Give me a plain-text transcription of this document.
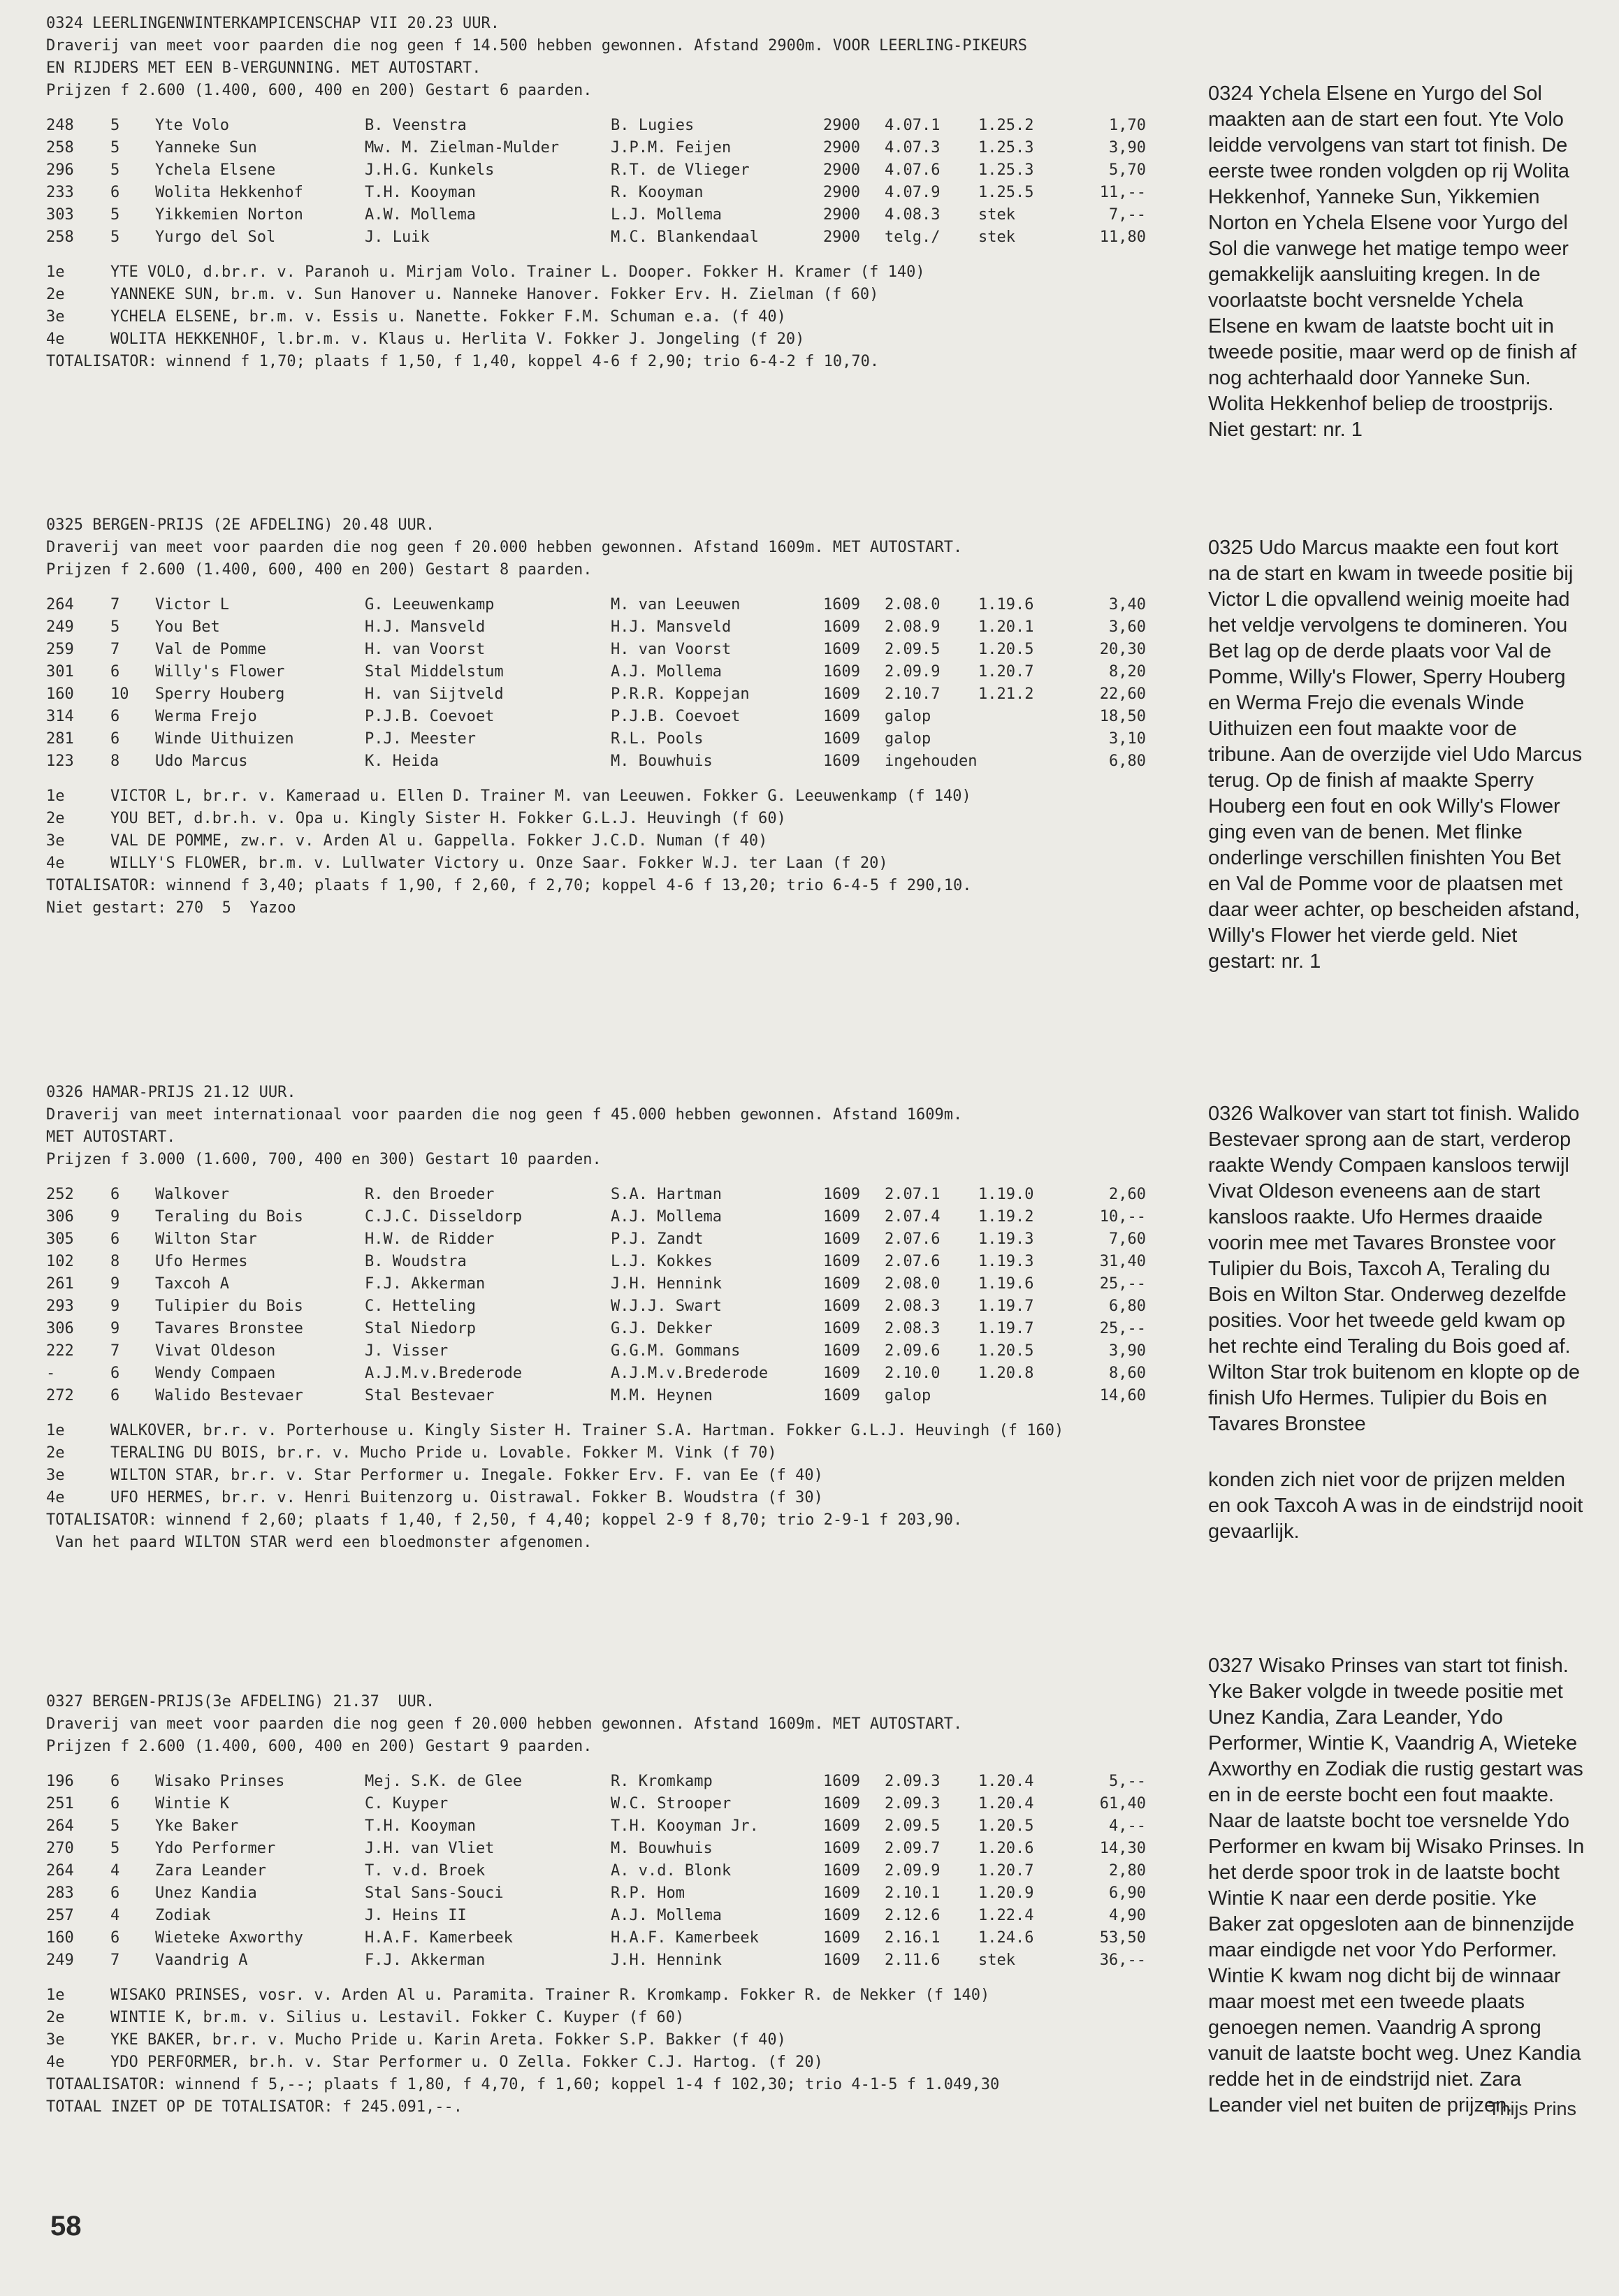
0324 LEERLINGENWINTERKAMPICENSCHAP VII 20.23 UUR.
Draverij van meet voor paarden die nog geen f 14.500 hebben gewonnen. Afstand 2900m. VOOR LEERLING-PIKEURS
EN RIJDERS MET EEN B-VERGUNNING. MET AUTOSTART.
Prijzen f 2.600 (1.400, 600, 400 en 200) Gestart 6 paarden.
248	5	Yte Volo	B. Veenstra	B. Lugies	2900	4.07.1	1.25.2	1,70
258	5	Yanneke Sun	Mw. M. Zielman-Mulder	J.P.M. Feijen	2900	4.07.3	1.25.3	3,90
296	5	Ychela Elsene	J.H.G. Kunkels	R.T. de Vlieger	2900	4.07.6	1.25.3	5,70
233	6	Wolita Hekkenhof	T.H. Kooyman	R. Kooyman	2900	4.07.9	1.25.5	11,--
303	5	Yikkemien Norton	A.W. Mollema	L.J. Mollema	2900	4.08.3	stek	7,--
258	5	Yurgo del Sol	J. Luik	M.C. Blankendaal	2900	telg./	stek	11,80
1e	YTE VOLO, d.br.r. v. Paranoh u. Mirjam Volo. Trainer L. Dooper. Fokker H. Kramer (f 140)
2e	YANNEKE SUN, br.m. v. Sun Hanover u. Nanneke Hanover. Fokker Erv. H. Zielman (f 60)
3e	YCHELA ELSENE, br.m. v. Essis u. Nanette. Fokker F.M. Schuman e.a. (f 40)
4e	WOLITA HEKKENHOF, l.br.m. v. Klaus u. Herlita V. Fokker J. Jongeling (f 20)
TOTALISATOR: winnend f 1,70; plaats f 1,50, f 1,40, koppel 4-6 f 2,90; trio 6-4-2 f 10,70.
0325 BERGEN-PRIJS (2E AFDELING) 20.48 UUR.
Draverij van meet voor paarden die nog geen f 20.000 hebben gewonnen. Afstand 1609m. MET AUTOSTART.
Prijzen f 2.600 (1.400, 600, 400 en 200) Gestart 8 paarden.
264	7	Victor L	G. Leeuwenkamp	M. van Leeuwen	1609	2.08.0	1.19.6	3,40
249	5	You Bet	H.J. Mansveld	H.J. Mansveld	1609	2.08.9	1.20.1	3,60
259	7	Val de Pomme	H. van Voorst	H. van Voorst	1609	2.09.5	1.20.5	20,30
301	6	Willy's Flower	Stal Middelstum	A.J. Mollema	1609	2.09.9	1.20.7	8,20
160	10	Sperry Houberg	H. van Sijtveld	P.R.R. Koppejan	1609	2.10.7	1.21.2	22,60
314	6	Werma Frejo	P.J.B. Coevoet	P.J.B. Coevoet	1609	galop		18,50
281	6	Winde Uithuizen	P.J. Meester	R.L. Pools	1609	galop		3,10
123	8	Udo Marcus	K. Heida	M. Bouwhuis	1609	ingehouden		6,80
1e	VICTOR L, br.r. v. Kameraad u. Ellen D. Trainer M. van Leeuwen. Fokker G. Leeuwenkamp (f 140)
2e	YOU BET, d.br.h. v. Opa u. Kingly Sister H. Fokker G.L.J. Heuvingh (f 60)
3e	VAL DE POMME, zw.r. v. Arden Al u. Gappella. Fokker J.C.D. Numan (f 40)
4e	WILLY'S FLOWER, br.m. v. Lullwater Victory u. Onze Saar. Fokker W.J. ter Laan (f 20)
TOTALISATOR: winnend f 3,40; plaats f 1,90, f 2,60, f 2,70; koppel 4-6 f 13,20; trio 6-4-5 f 290,10.
Niet gestart: 270  5  Yazoo
0326 HAMAR-PRIJS 21.12 UUR.
Draverij van meet internationaal voor paarden die nog geen f 45.000 hebben gewonnen. Afstand 1609m.
MET AUTOSTART.
Prijzen f 3.000 (1.600, 700, 400 en 300) Gestart 10 paarden.
252	6	Walkover	R. den Broeder	S.A. Hartman	1609	2.07.1	1.19.0	2,60
306	9	Teraling du Bois	C.J.C. Disseldorp	A.J. Mollema	1609	2.07.4	1.19.2	10,--
305	6	Wilton Star	H.W. de Ridder	P.J. Zandt	1609	2.07.6	1.19.3	7,60
102	8	Ufo Hermes	B. Woudstra	L.J. Kokkes	1609	2.07.6	1.19.3	31,40
261	9	Taxcoh A	F.J. Akkerman	J.H. Hennink	1609	2.08.0	1.19.6	25,--
293	9	Tulipier du Bois	C. Hetteling	W.J.J. Swart	1609	2.08.3	1.19.7	6,80
306	9	Tavares Bronstee	Stal Niedorp	G.J. Dekker	1609	2.08.3	1.19.7	25,--
222	7	Vivat Oldeson	J. Visser	G.G.M. Gommans	1609	2.09.6	1.20.5	3,90
-	6	Wendy Compaen	A.J.M.v.Brederode	A.J.M.v.Brederode	1609	2.10.0	1.20.8	8,60
272	6	Walido Bestevaer	Stal Bestevaer	M.M. Heynen	1609	galop		14,60
1e	WALKOVER, br.r. v. Porterhouse u. Kingly Sister H. Trainer S.A. Hartman. Fokker G.L.J. Heuvingh (f 160)
2e	TERALING DU BOIS, br.r. v. Mucho Pride u. Lovable. Fokker M. Vink (f 70)
3e	WILTON STAR, br.r. v. Star Performer u. Inegale. Fokker Erv. F. van Ee (f 40)
4e	UFO HERMES, br.r. v. Henri Buitenzorg u. Oistrawal. Fokker B. Woudstra (f 30)
TOTALISATOR: winnend f 2,60; plaats f 1,40, f 2,50, f 4,40; koppel 2-9 f 8,70; trio 2-9-1 f 203,90.
Van het paard WILTON STAR werd een bloedmonster afgenomen.
0327 BERGEN-PRIJS(3e AFDELING) 21.37  UUR.
Draverij van meet voor paarden die nog geen f 20.000 hebben gewonnen. Afstand 1609m. MET AUTOSTART.
Prijzen f 2.600 (1.400, 600, 400 en 200) Gestart 9 paarden.
196	6	Wisako Prinses	Mej. S.K. de Glee	R. Kromkamp	1609	2.09.3	1.20.4	5,--
251	6	Wintie K	C. Kuyper	W.C. Strooper	1609	2.09.3	1.20.4	61,40
264	5	Yke Baker	T.H. Kooyman	T.H. Kooyman Jr.	1609	2.09.5	1.20.5	4,--
270	5	Ydo Performer	J.H. van Vliet	M. Bouwhuis	1609	2.09.7	1.20.6	14,30
264	4	Zara Leander	T. v.d. Broek	A. v.d. Blonk	1609	2.09.9	1.20.7	2,80
283	6	Unez Kandia	Stal Sans-Souci	R.P. Hom	1609	2.10.1	1.20.9	6,90
257	4	Zodiak	J. Heins II	A.J. Mollema	1609	2.12.6	1.22.4	4,90
160	6	Wieteke Axworthy	H.A.F. Kamerbeek	H.A.F. Kamerbeek	1609	2.16.1	1.24.6	53,50
249	7	Vaandrig A	F.J. Akkerman	J.H. Hennink	1609	2.11.6	stek	36,--
1e	WISAKO PRINSES, vosr. v. Arden Al u. Paramita. Trainer R. Kromkamp. Fokker R. de Nekker (f 140)
2e	WINTIE K, br.m. v. Silius u. Lestavil. Fokker C. Kuyper (f 60)
3e	YKE BAKER, br.r. v. Mucho Pride u. Karin Areta. Fokker S.P. Bakker (f 40)
4e	YDO PERFORMER, br.h. v. Star Performer u. O Zella. Fokker C.J. Hartog. (f 20)
TOTAALISATOR: winnend f 5,--; plaats f 1,80, f 4,70, f 1,60; koppel 1-4 f 102,30; trio 4-1-5 f 1.049,30
TOTAAL INZET OP DE TOTALISATOR: f 245.091,--.

0324 Ychela Elsene en Yurgo del Sol maakten aan de start een fout. Yte Volo leidde vervolgens van start tot finish. De eerste twee ronden volgden op rij Wolita Hekkenhof, Yanneke Sun, Yikkemien Norton en Ychela Elsene voor Yurgo del Sol die vanwege het matige tempo weer gemakkelijk aansluiting kregen. In de voorlaatste bocht versnelde Ychela Elsene en kwam de laatste bocht uit in tweede positie, maar werd op de finish af nog achterhaald door Yanneke Sun. Wolita Hekkenhof beliep de troostprijs. Niet gestart: nr. 1

0325 Udo Marcus maakte een fout kort na de start en kwam in tweede positie bij Victor L die opvallend weinig moeite had het veldje vervolgens te domineren. You Bet lag op de derde plaats voor Val de Pomme, Willy's Flower, Sperry Houberg en Werma Frejo die evenals Winde Uithuizen een fout maakte voor de tribune. Aan de overzijde viel Udo Marcus terug. Op de finish af maakte Sperry Houberg een fout en ook Willy's Flower ging even van de benen. Met flinke onderlinge verschillen finishten You Bet en Val de Pomme voor de plaatsen met daar weer achter, op bescheiden afstand, Willy's Flower het vierde geld. Niet gestart: nr. 1

0326 Walkover van start tot finish. Walido Bestevaer sprong aan de start, verderop raakte Wendy Compaen kansloos terwijl Vivat Oldeson eveneens aan de start kansloos raakte. Ufo Hermes draaide voorin mee met Tavares Bronstee voor Tulipier du Bois, Taxcoh A, Teraling du Bois en Wilton Star. Onderweg dezelfde posities. Voor het tweede geld kwam op het rechte eind Teraling du Bois goed af. Wilton Star trok buitenom en klopte op de finish Ufo Hermes. Tulipier du Bois en Tavares Bronstee

konden zich niet voor de prijzen melden en ook Taxcoh A was in de eindstrijd nooit gevaarlijk.

0327 Wisako Prinses van start tot finish. Yke Baker volgde in tweede positie met Unez Kandia, Zara Leander, Ydo Performer, Wintie K, Vaandrig A, Wieteke Axworthy en Zodiak die rustig gestart was en in de eerste bocht een fout maakte. Naar de laatste bocht toe versnelde Ydo Performer en kwam bij Wisako Prinses. In het derde spoor trok in de laatste bocht Wintie K naar een derde positie. Yke Baker zat opgesloten aan de binnenzijde maar eindigde net voor Ydo Performer. Wintie K kwam nog dicht bij de winnaar maar moest met een tweede plaats genoegen nemen. Vaandrig A sprong vanuit de laatste bocht weg. Unez Kandia redde het in de eindstrijd niet. Zara Leander viel net buiten de prijzen.

Thijs Prins
58
